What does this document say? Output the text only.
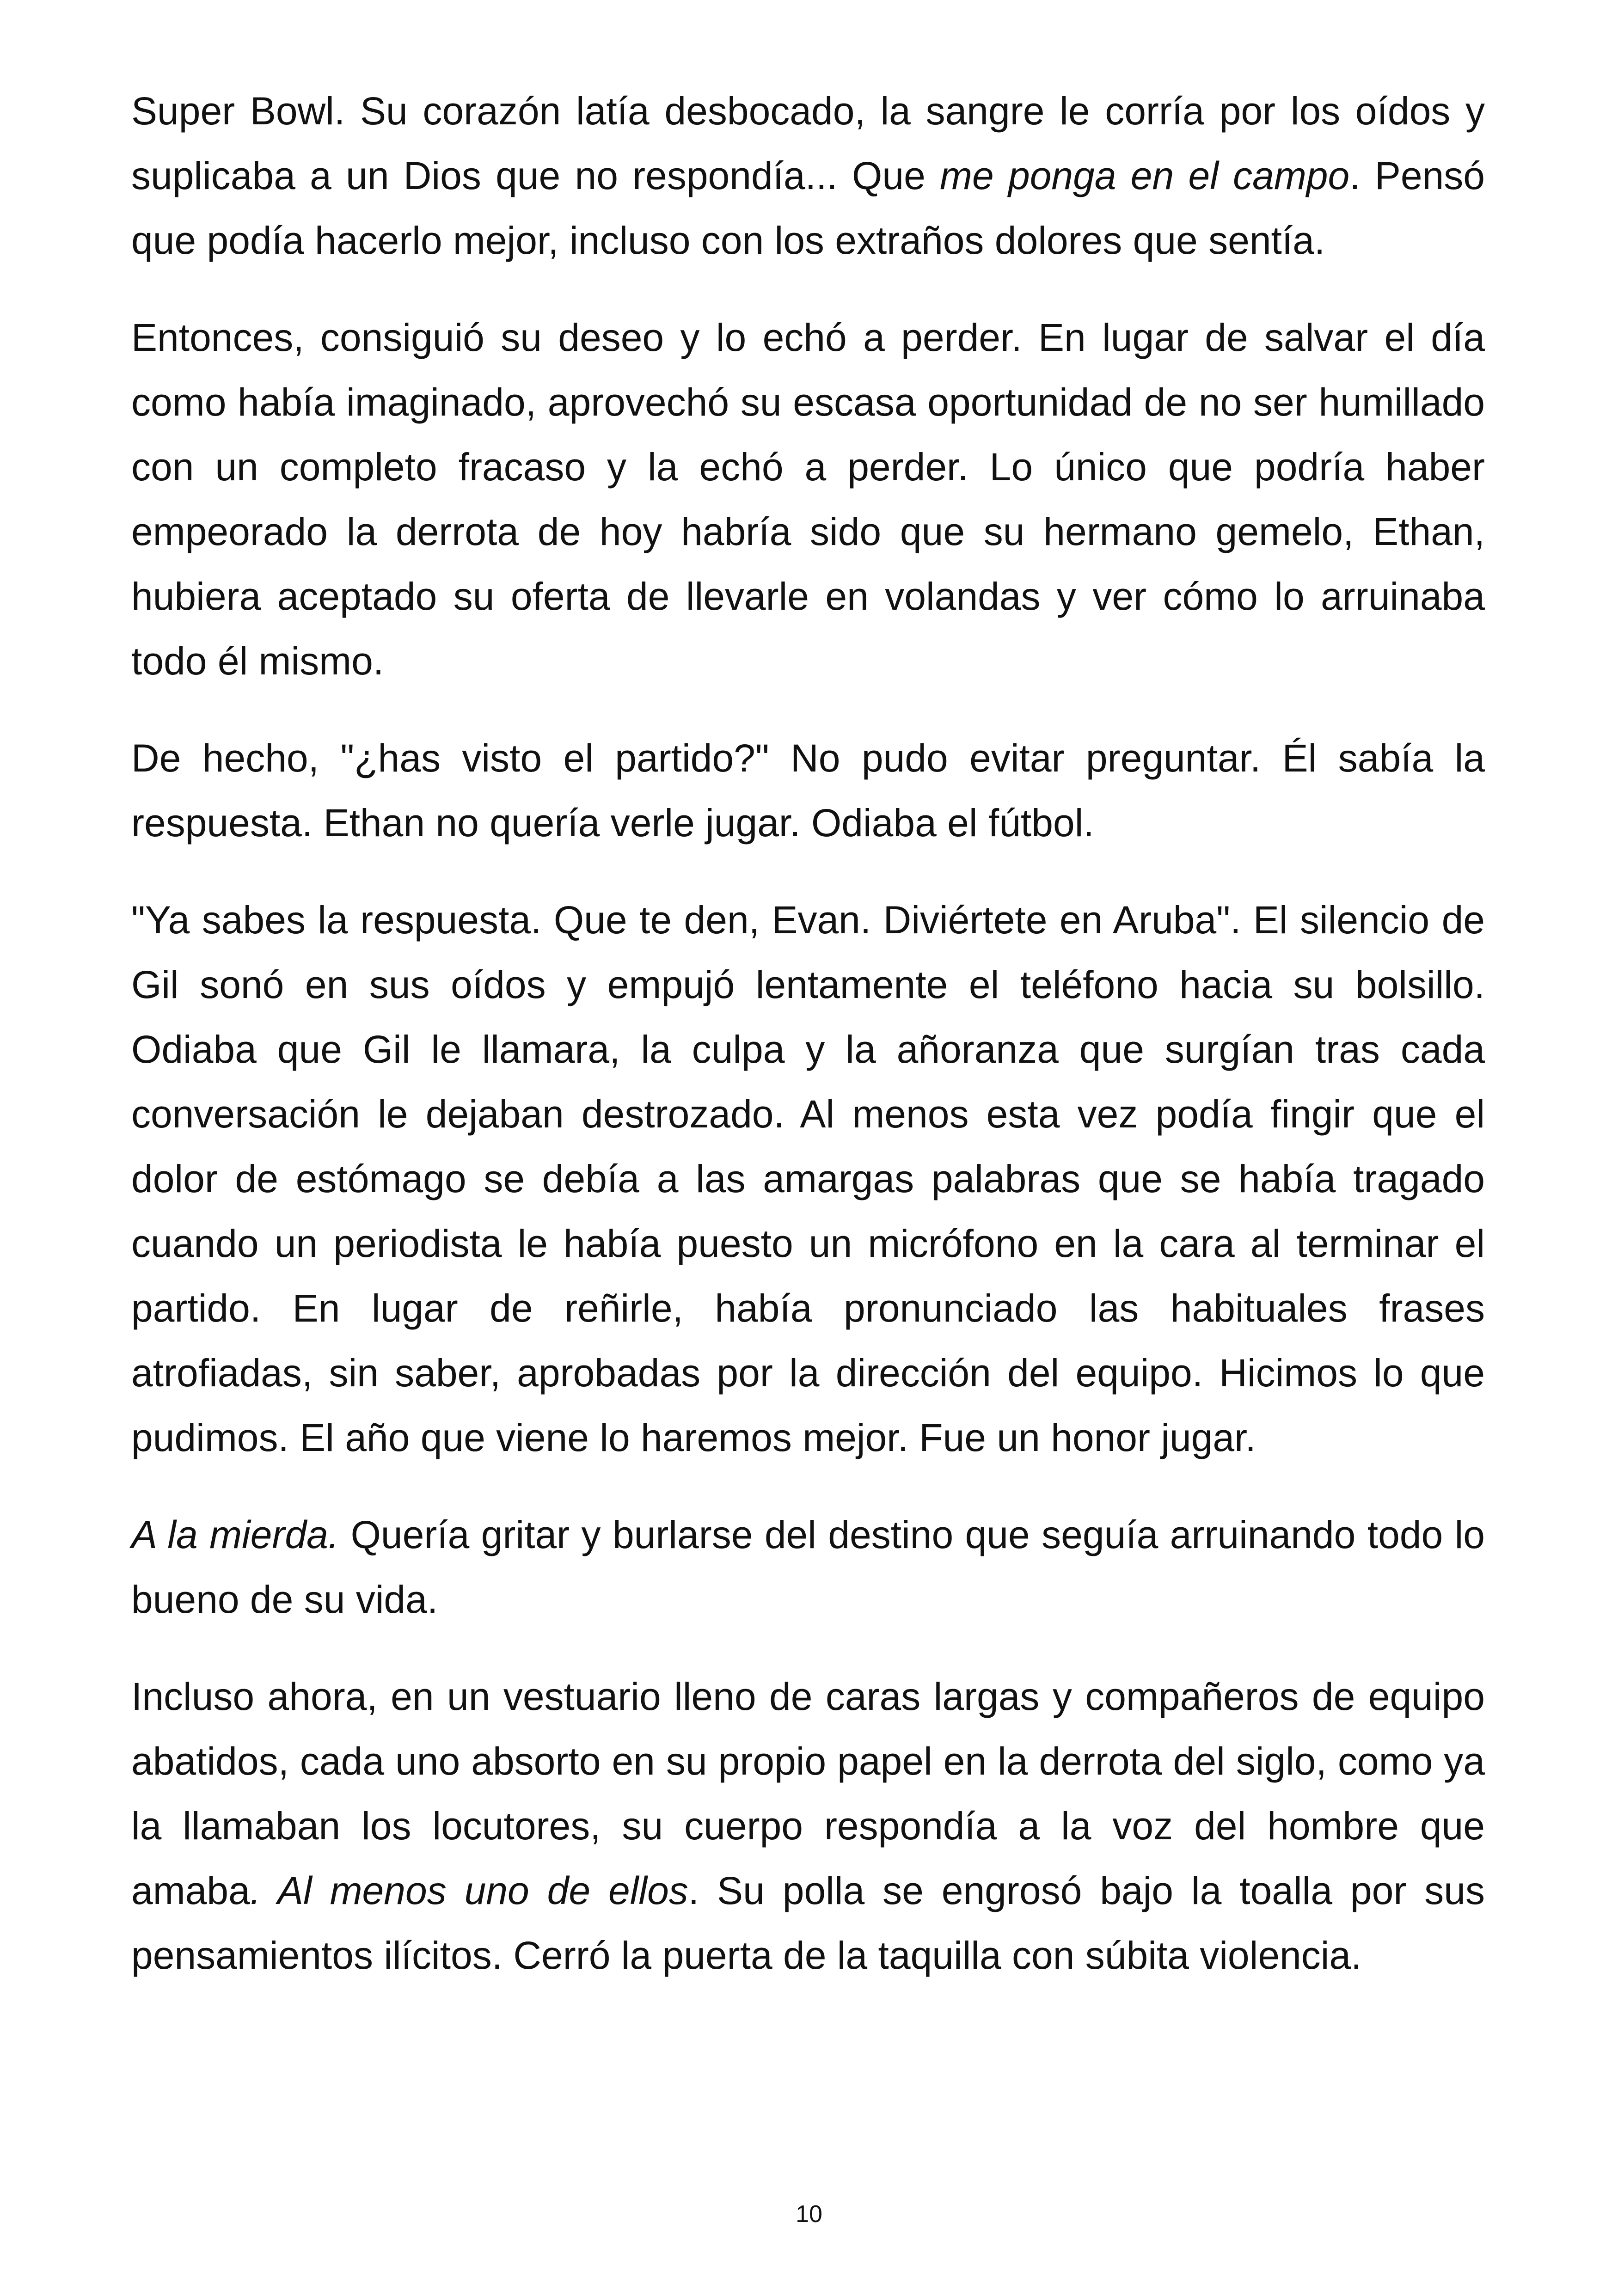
Super Bowl. Su corazón latía desbocado, la sangre le corría por los oídos y suplicaba a un Dios que no respondía... Que me ponga en el campo. Pensó que podía hacerlo mejor, incluso con los extraños dolores que sentía.

Entonces, consiguió su deseo y lo echó a perder. En lugar de salvar el día como había imaginado, aprovechó su escasa oportunidad de no ser humillado con un completo fracaso y la echó a perder. Lo único que podría haber empeorado la derrota de hoy habría sido que su hermano gemelo, Ethan, hubiera aceptado su oferta de llevarle en volandas y ver cómo lo arruinaba todo él mismo.

De hecho, "¿has visto el partido?" No pudo evitar preguntar. Él sabía la respuesta. Ethan no quería verle jugar. Odiaba el fútbol.

"Ya sabes la respuesta. Que te den, Evan. Diviértete en Aruba". El silencio de Gil sonó en sus oídos y empujó lentamente el teléfono hacia su bolsillo. Odiaba que Gil le llamara, la culpa y la añoranza que surgían tras cada conversación le dejaban destrozado. Al menos esta vez podía fingir que el dolor de estómago se debía a las amargas palabras que se había tragado cuando un periodista le había puesto un micrófono en la cara al terminar el partido. En lugar de reñirle, había pronunciado las habituales frases atrofiadas, sin saber, aprobadas por la dirección del equipo. Hicimos lo que pudimos. El año que viene lo haremos mejor. Fue un honor jugar.

A la mierda. Quería gritar y burlarse del destino que seguía arruinando todo lo bueno de su vida.

Incluso ahora, en un vestuario lleno de caras largas y compañeros de equipo abatidos, cada uno absorto en su propio papel en la derrota del siglo, como ya la llamaban los locutores, su cuerpo respondía a la voz del hombre que amaba. Al menos uno de ellos. Su polla se engrosó bajo la toalla por sus pensamientos ilícitos. Cerró la puerta de la taquilla con súbita violencia.

10
